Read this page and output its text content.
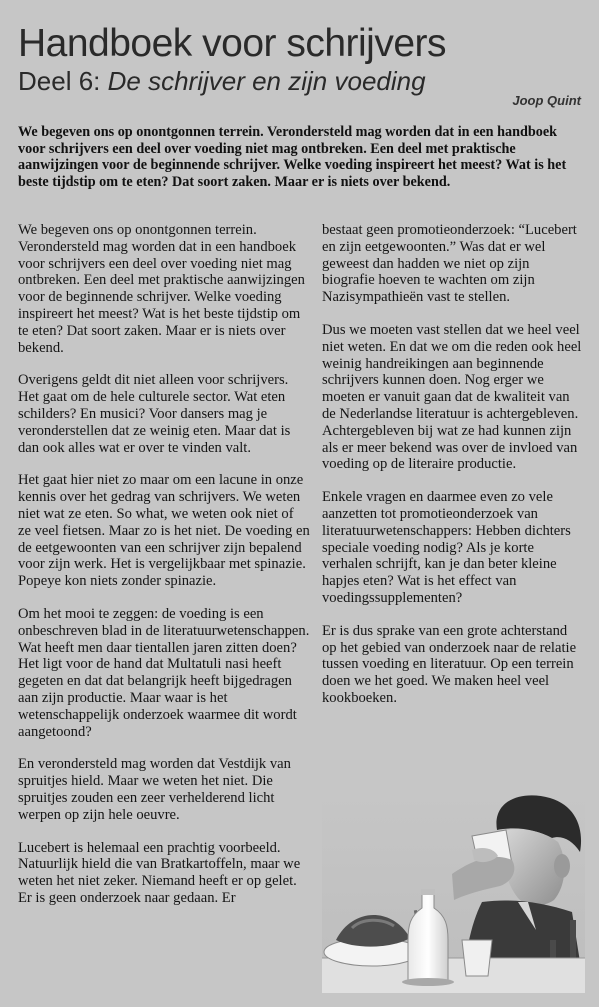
Handboek voor schrijvers
Deel 6: De schrijver en zijn voeding
Joop Quint

We begeven ons op onontgonnen terrein. Verondersteld mag worden dat in een handboek voor schrijvers een deel over voeding niet mag ontbreken. Een deel met praktische aanwijzingen voor de beginnende schrijver. Welke voeding inspireert het meest? Wat is het beste tijdstip om te eten? Dat soort zaken. Maar er is niets over bekend.

We begeven ons op onontgonnen terrein. Verondersteld mag worden dat in een handboek voor schrijvers een deel over voeding niet mag ontbreken. Een deel met praktische aanwijzingen voor de beginnende schrijver. Welke voeding inspireert het meest? Wat is het beste tijdstip om te eten? Dat soort zaken. Maar er is niets over bekend.

Overigens geldt dit niet alleen voor schrijvers. Het gaat om de hele culturele sector. Wat eten schilders? En musici? Voor dansers mag je veronderstellen dat ze weinig eten. Maar dat is dan ook alles wat er over te vinden valt.

Het gaat hier niet zo maar om een lacune in onze kennis over het gedrag van schrijvers. We weten niet wat ze eten. So what, we weten ook niet of ze veel fietsen. Maar zo is het niet. De voeding en de eetgewoonten van een schrijver zijn bepalend voor zijn werk. Het is vergelijkbaar met spinazie. Popeye kon niets zonder spinazie.

Om het mooi te zeggen: de voeding is een onbeschreven blad in de literatuurwetenschappen. Wat heeft men daar tientallen jaren zitten doen? Het ligt voor de hand dat Multatuli nasi heeft gegeten en dat dat belangrijk heeft bijgedragen aan zijn productie. Maar waar is het wetenschappelijk onderzoek waarmee dit wordt aangetoond?

En verondersteld mag worden dat Vestdijk van spruitjes hield. Maar we weten het niet. Die spruitjes zouden een zeer verhelderend licht werpen op zijn hele oeuvre.

Lucebert is helemaal een prachtig voorbeeld. Natuurlijk hield die van Bratkartoffeln, maar we weten het niet zeker. Niemand heeft er op gelet. Er is geen onderzoek naar gedaan. Er

bestaat geen promotieonderzoek: “Lucebert en zijn eetgewoonten.” Was dat er wel geweest dan hadden we niet op zijn biografie hoeven te wachten om zijn Nazisympathieën vast te stellen.

Dus we moeten vast stellen dat we heel veel niet weten. En dat we om die reden ook heel weinig handreikingen aan beginnende schrijvers kunnen doen. Nog erger we moeten er vanuit gaan dat de kwaliteit van de Nederlandse literatuur is achtergebleven. Achtergebleven bij wat ze had kunnen zijn als er meer bekend was over de invloed van voeding op de literaire productie.

Enkele vragen en daarmee even zo vele aanzetten tot promotieonderzoek van literatuurwetenschappers: Hebben dichters speciale voeding nodig? Als je korte verhalen schrijft, kan je dan beter kleine hapjes eten? Wat is het effect van voedingssupplementen?

Er is dus sprake van een grote achterstand op het gebied van onderzoek naar de relatie tussen voeding en literatuur. Op een terrein doen we het goed. We maken heel veel kookboeken.
